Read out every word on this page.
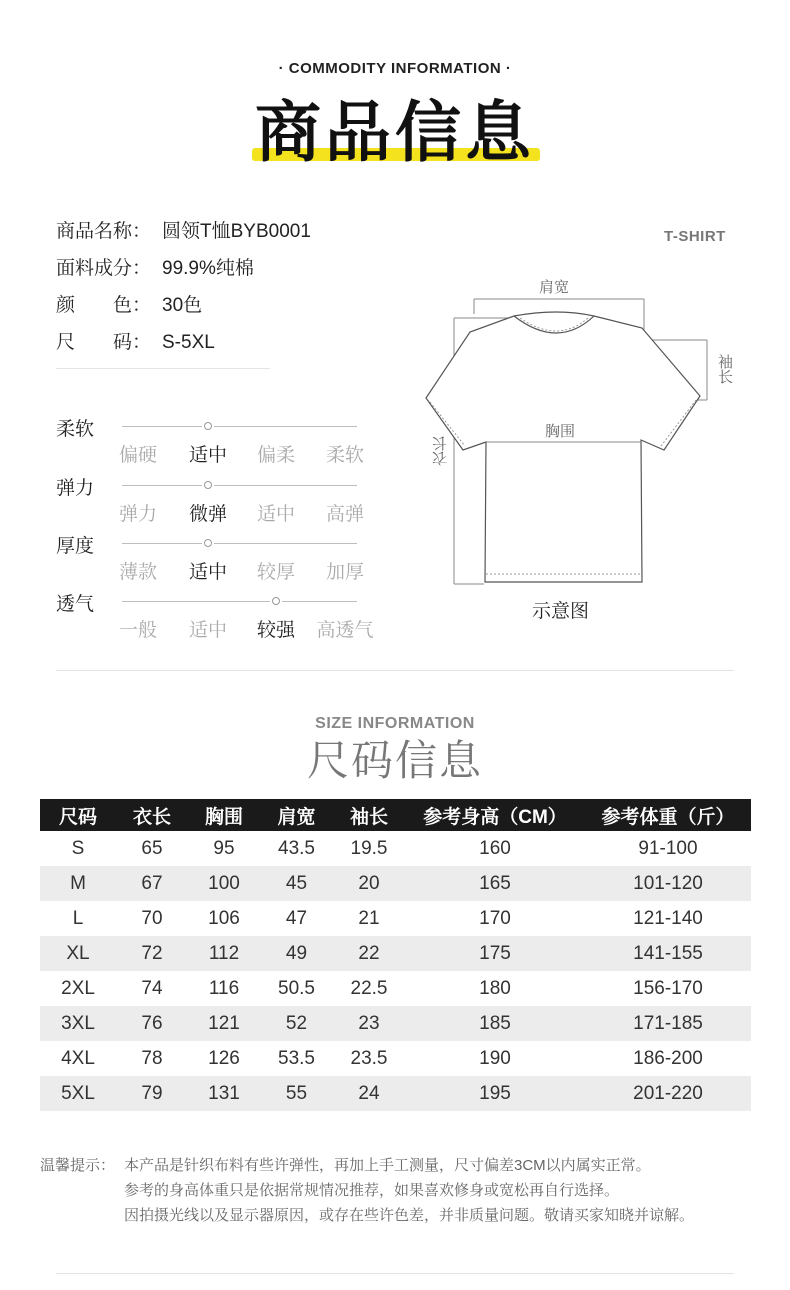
· COMMODITY INFORMATION ·
商品信息
商品名称： 圆领T恤BYB0001
面料成分： 99.9%纯棉
颜　　色： 30色
尺　　码： S-5XL
柔软
偏硬	适中	偏柔	柔软
弹力
弹力	微弹	适中	高弹
厚度
薄款	适中	较厚	加厚
透气
一般	适中	较强	高透气
T-SHIRT
肩宽
胸围
袖长
衣长
示意图
SIZE INFORMATION
尺码信息
尺码	衣长	胸围	肩宽	袖长	参考身高（CM）	参考体重（斤）
S	65	95	43.5	19.5	160	91-100
M	67	100	45	20	165	101-120
L	70	106	47	21	170	121-140
XL	72	112	49	22	175	141-155
2XL	74	116	50.5	22.5	180	156-170
3XL	76	121	52	23	185	171-185
4XL	78	126	53.5	23.5	190	186-200
5XL	79	131	55	24	195	201-220
温馨提示： 本产品是针织布料有些许弹性，再加上手工测量，尺寸偏差3CM以内属实正常。
参考的身高体重只是依据常规情况推荐，如果喜欢修身或宽松再自行选择。
因拍摄光线以及显示器原因，或存在些许色差，并非质量问题。敬请买家知晓并谅解。
